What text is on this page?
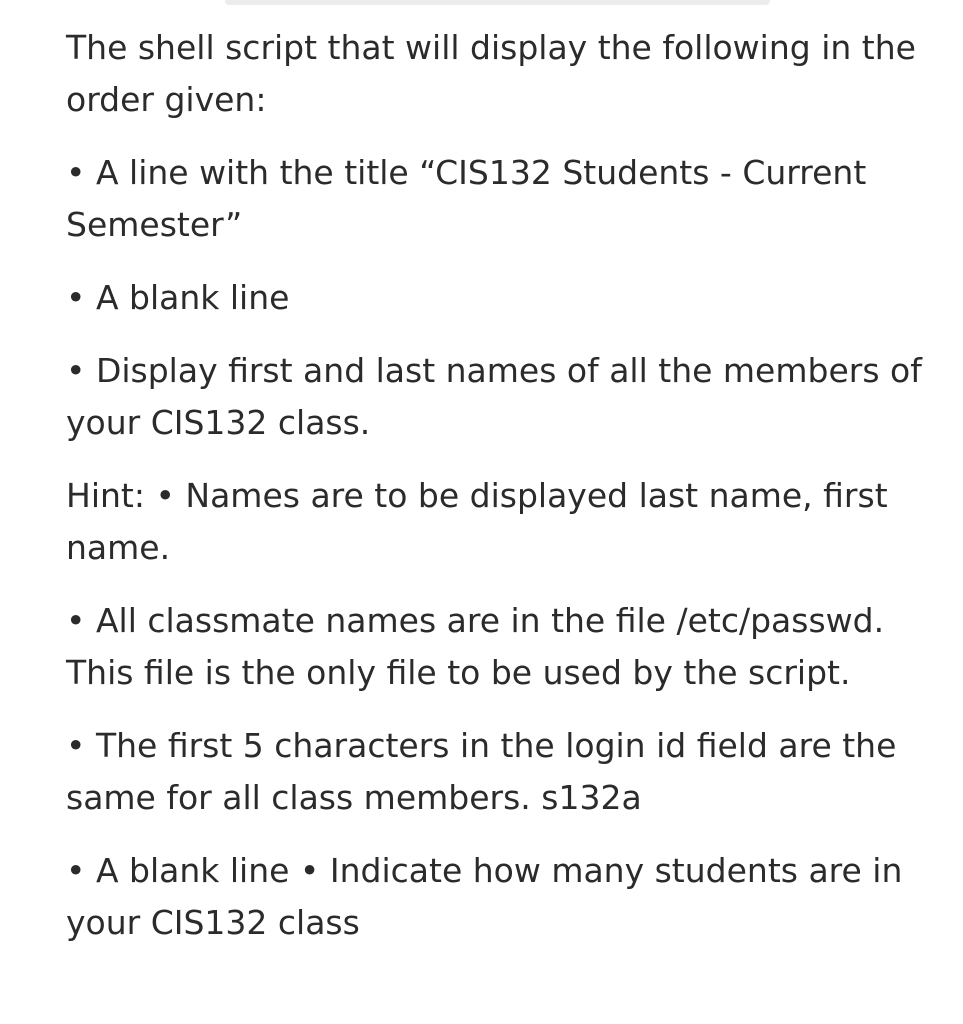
The shell script that will display the following in the order given:

• A line with the title “CIS132 Students - Current Semester”

• A blank line

• Display first and last names of all the members of your CIS132 class.

Hint: • Names are to be displayed last name, first name.

• All classmate names are in the file /etc/passwd. This file is the only file to be used by the script.

• The first 5 characters in the login id field are the same for all class members. s132a

• A blank line • Indicate how many students are in your CIS132 class
